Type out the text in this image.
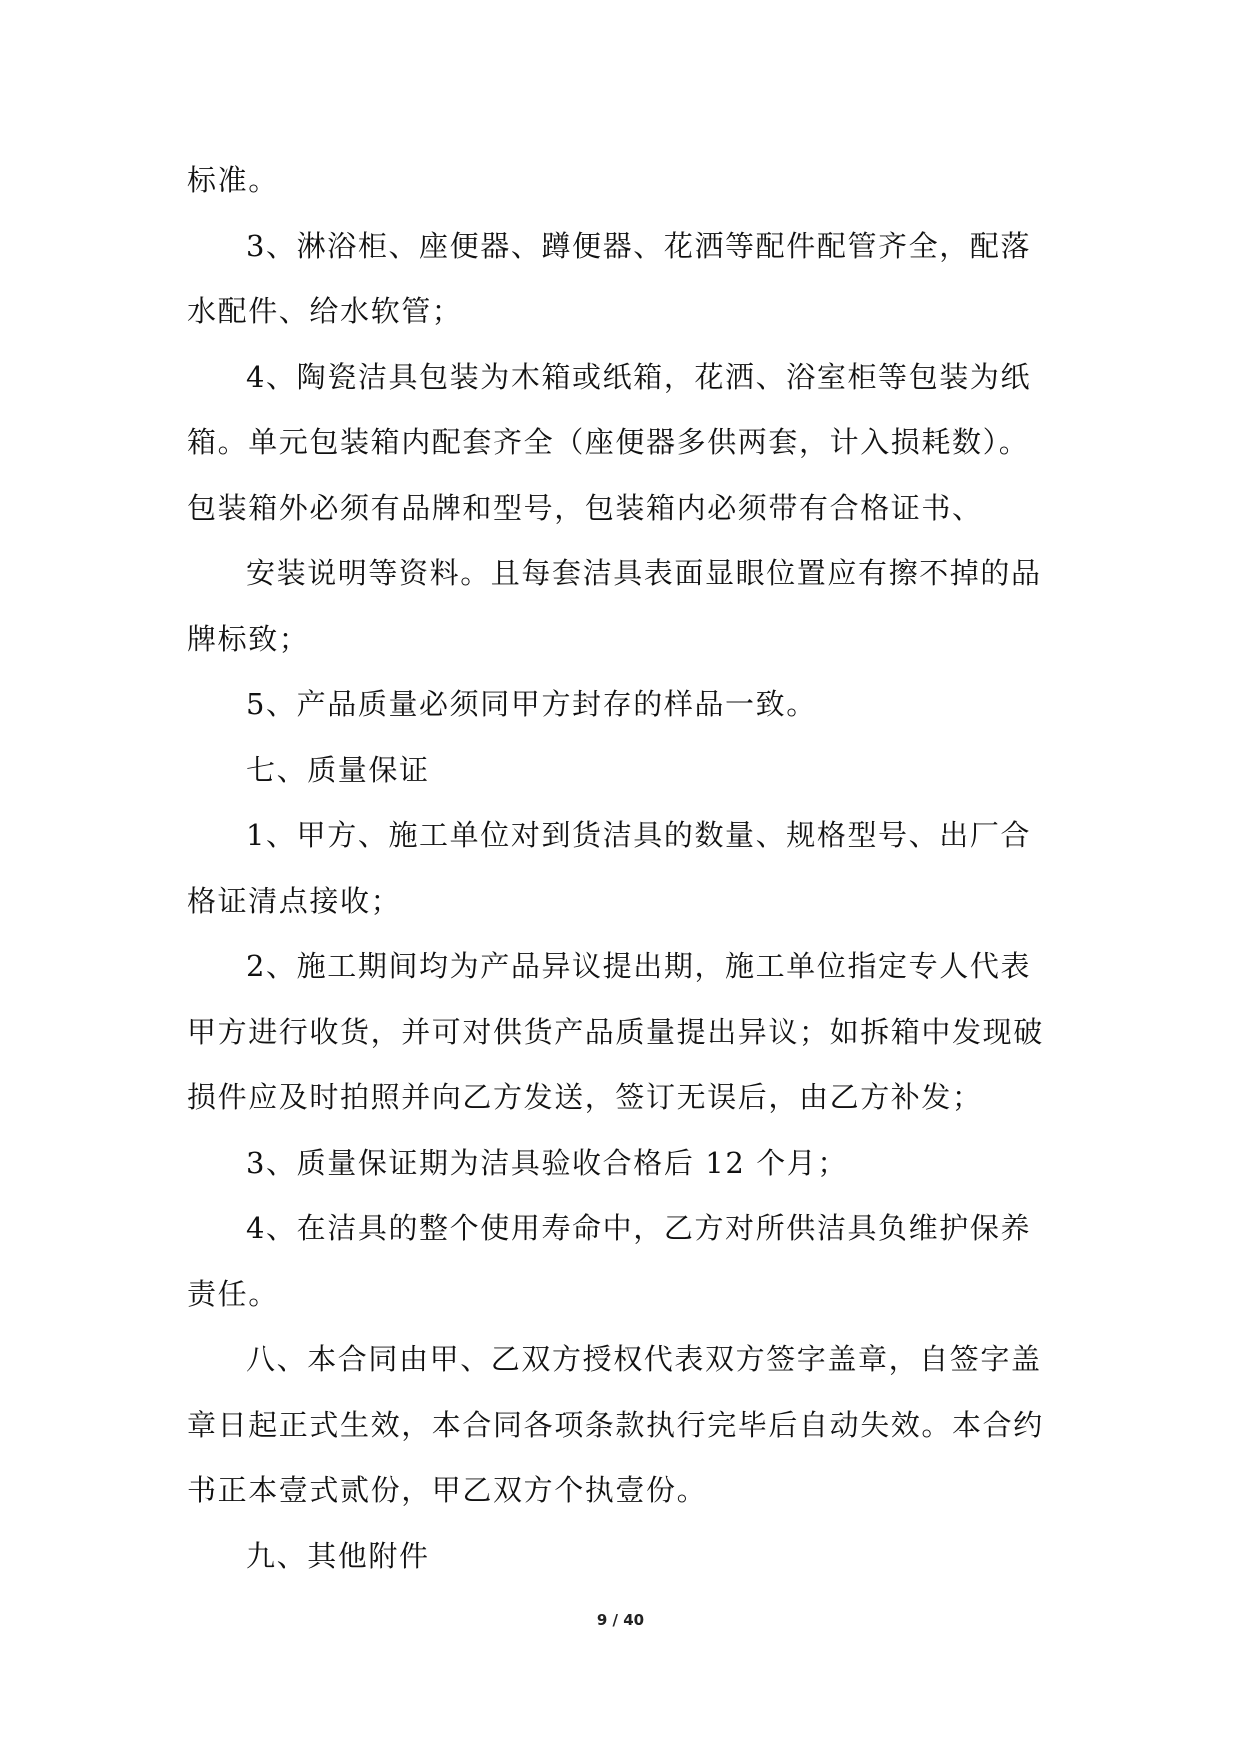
标准。

3、淋浴柜、座便器、蹲便器、花洒等配件配管齐全，配落

水配件、给水软管；

4、陶瓷洁具包装为木箱或纸箱，花洒、浴室柜等包装为纸

箱。单元包装箱内配套齐全（座便器多供两套，计入损耗数）。

包装箱外必须有品牌和型号，包装箱内必须带有合格证书、

安装说明等资料。且每套洁具表面显眼位置应有擦不掉的品

牌标致；

5、产品质量必须同甲方封存的样品一致。

七、质量保证

1、甲方、施工单位对到货洁具的数量、规格型号、出厂合

格证清点接收；

2、施工期间均为产品异议提出期，施工单位指定专人代表

甲方进行收货，并可对供货产品质量提出异议；如拆箱中发现破

损件应及时拍照并向乙方发送，签订无误后，由乙方补发；

3、质量保证期为洁具验收合格后 12 个月；

4、在洁具的整个使用寿命中，乙方对所供洁具负维护保养

责任。

八、本合同由甲、乙双方授权代表双方签字盖章，自签字盖

章日起正式生效，本合同各项条款执行完毕后自动失效。本合约

书正本壹式贰份，甲乙双方个执壹份。

九、其他附件

9 / 40
